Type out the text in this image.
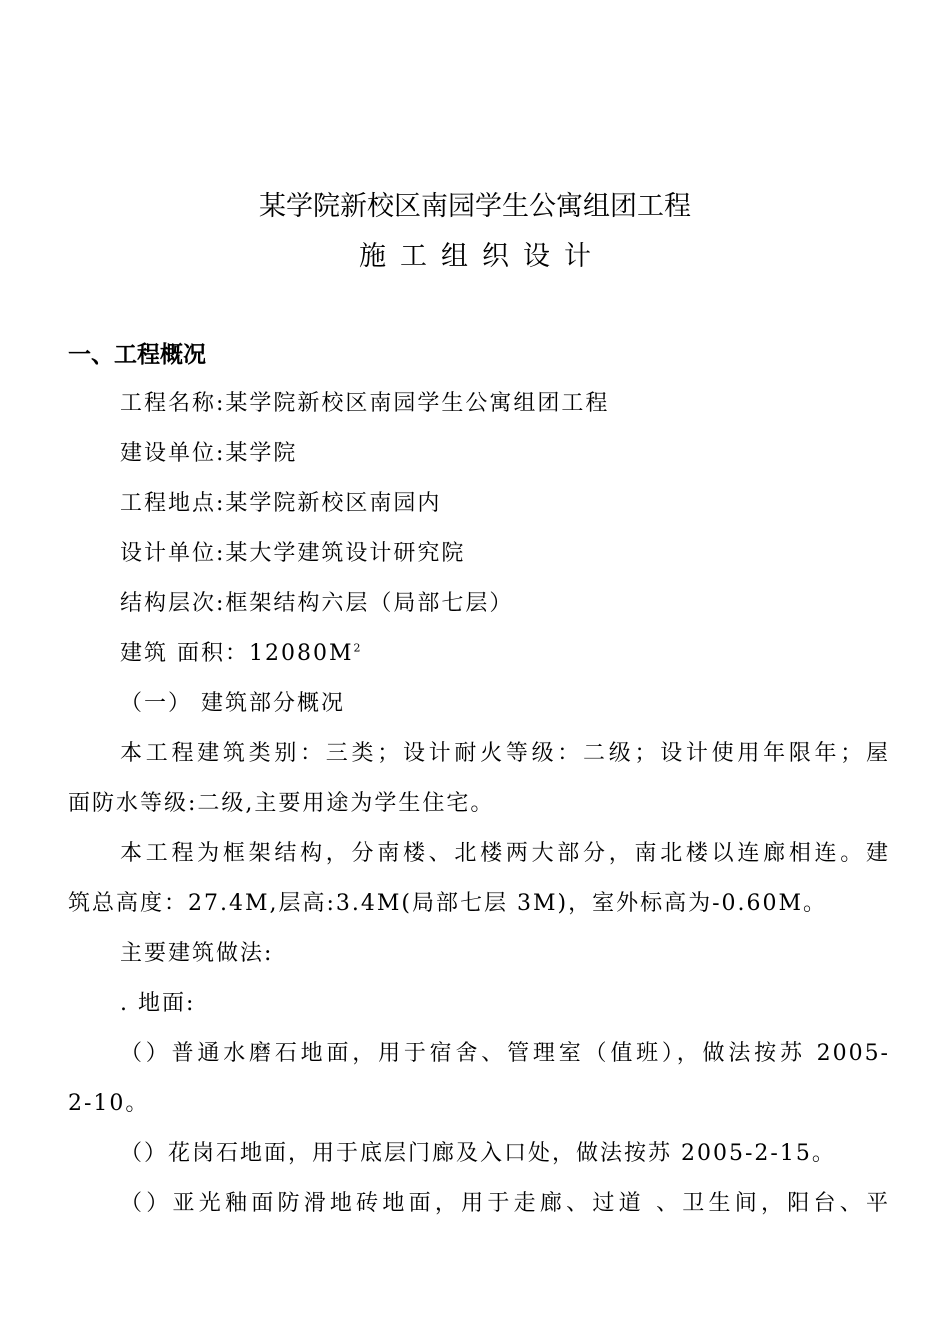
某学院新校区南园学生公寓组团工程
施工组织设计
一、工程概况
工程名称:某学院新校区南园学生公寓组团工程
建设单位:某学院
工程地点:某学院新校区南园内
设计单位:某大学建筑设计研究院
结构层次:框架结构六层（局部七层）
建筑 面积：$12080M^2$
（一） 建筑部分概况
本工程建筑类别：三类；设计耐火等级：二级；设计使用年限年；屋
面防水等级:二级,主要用途为学生住宅。
本工程为框架结构，分南楼、北楼两大部分，南北楼以连廊相连。建
筑总高度：27.4M,层高:3.4M(局部七层 3M)，室外标高为-0.60M。
主要建筑做法:
. 地面:
（）普通水磨石地面，用于宿舍、管理室（值班），做法按苏 2005-
2-10。
（）花岗石地面，用于底层门廊及入口处，做法按苏 2005-2-15。
（）亚光釉面防滑地砖地面，用于走廊、过道 、卫生间，阳台、平
